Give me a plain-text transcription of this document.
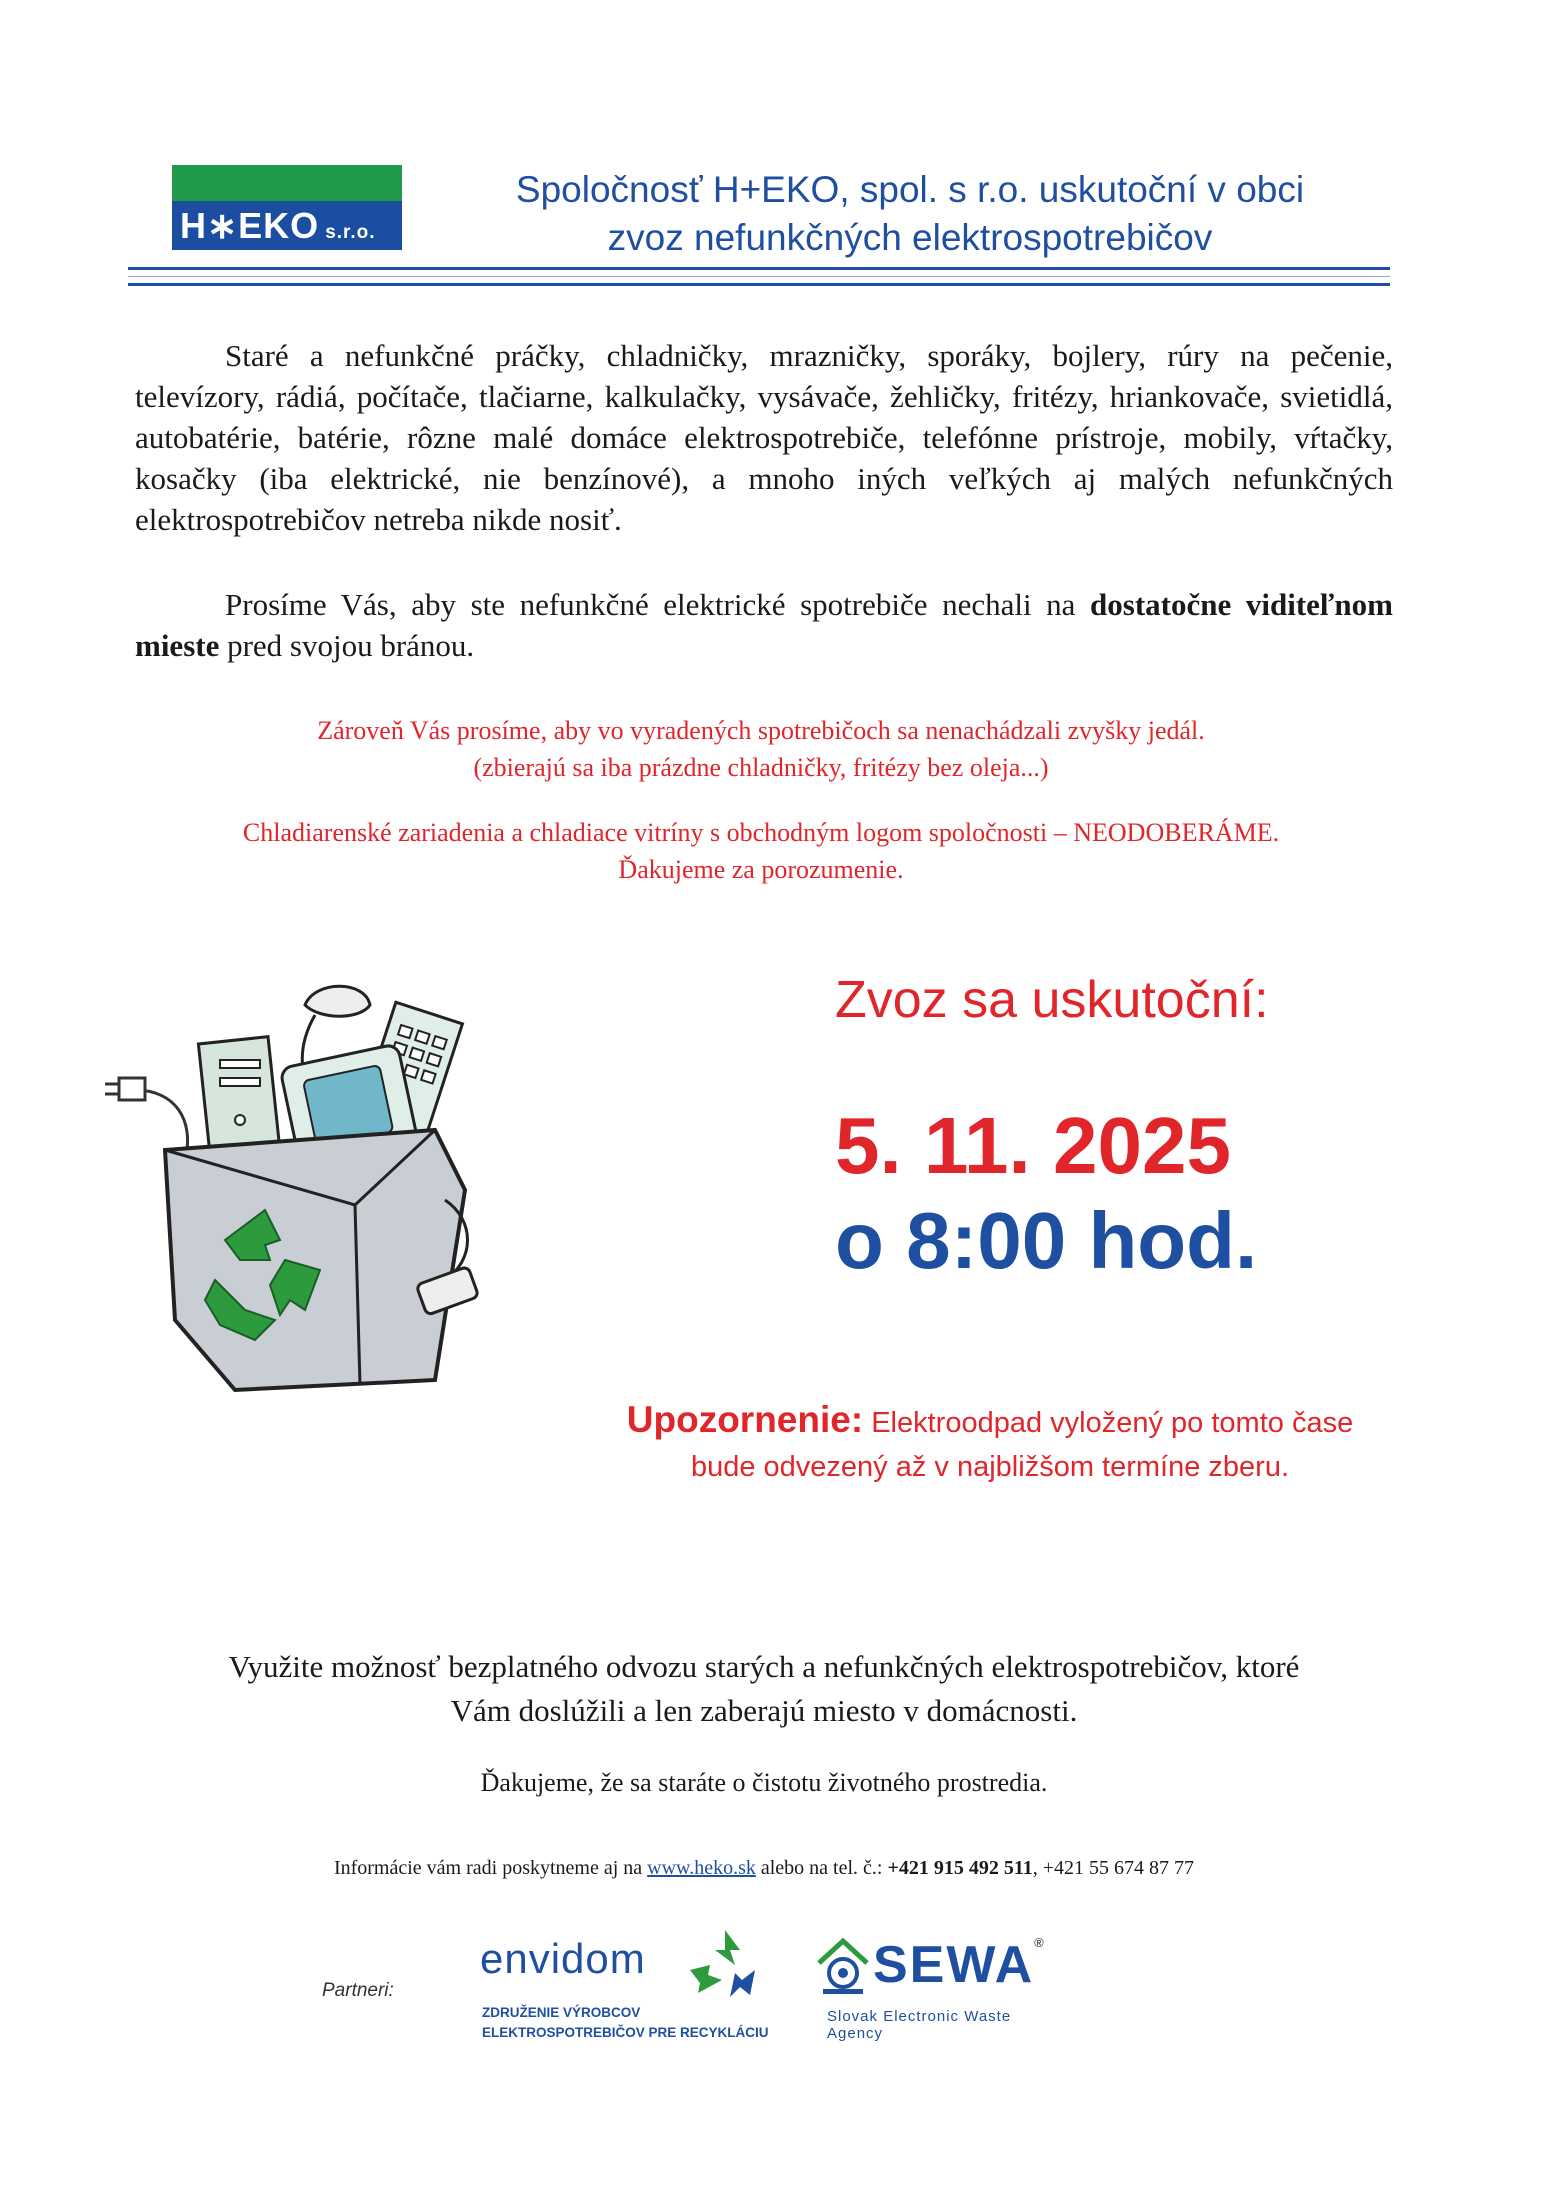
H∗EKO s.r.o.
Spoločnosť H+EKO, spol. s r.o. uskutoční v obci
zvoz nefunkčných elektrospotrebičov
Staré a nefunkčné práčky, chladničky, mrazničky, sporáky, bojlery, rúry na pečenie, televízory, rádiá, počítače, tlačiarne, kalkulačky, vysávače, žehličky, fritézy, hriankovače, svietidlá, autobatérie, batérie, rôzne malé domáce elektrospotrebiče, telefónne prístroje, mobily, vŕtačky, kosačky (iba elektrické, nie benzínové), a mnoho iných veľkých aj malých nefunkčných elektrospotrebičov netreba nikde nosiť.
Prosíme Vás, aby ste nefunkčné elektrické spotrebiče nechali na dostatočne viditeľnom mieste pred svojou bránou.
Zároveň Vás prosíme, aby vo vyradených spotrebičoch sa nenachádzali zvyšky jedál.
(zbierajú sa iba prázdne chladničky, fritézy bez oleja...)
Chladiarenské zariadenia a chladiace vitríny s obchodným logom spoločnosti – NEODOBERÁME.
Ďakujeme za porozumenie.
Zvoz sa uskutoční:
5. 11. 2025
o 8:00 hod.
Upozornenie: Elektroodpad vyložený po tomto čase
bude odvezený až v najbližšom termíne zberu.
Využite možnosť bezplatného odvozu starých a nefunkčných elektrospotrebičov, ktoré
Vám doslúžili a len zaberajú miesto v domácnosti.
Ďakujeme, že sa staráte o čistotu životného prostredia.
Informácie vám radi poskytneme aj na www.heko.sk alebo na tel. č.: +421 915 492 511, +421 55 674 87 77
Partneri:
envidom
ZDRUŽENIE VÝROBCOV
ELEKTROSPOTREBIČOV PRE RECYKLÁCIU
SEWA®
Slovak Electronic Waste Agency
